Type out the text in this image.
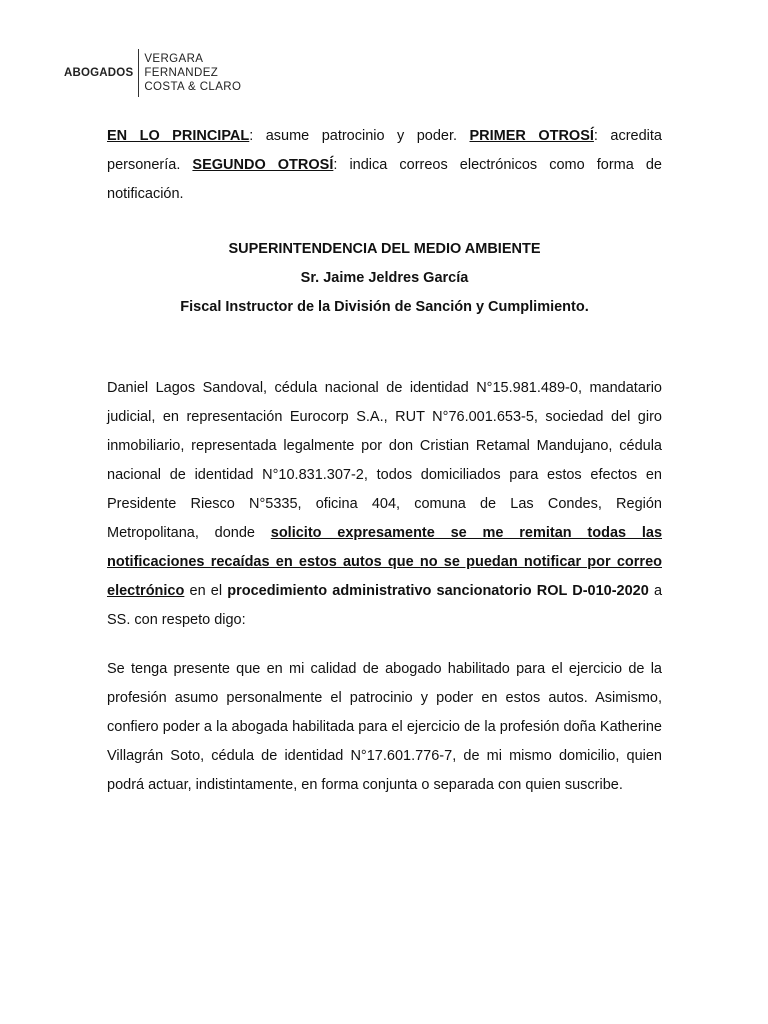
ABOGADOS
VERGARA
FERNANDEZ
COSTA & CLARO

EN LO PRINCIPAL: asume patrocinio y poder. PRIMER OTROSÍ: acredita personería. SEGUNDO OTROSÍ: indica correos electrónicos como forma de notificación.

SUPERINTENDENCIA DEL MEDIO AMBIENTE

Sr. Jaime Jeldres García

Fiscal Instructor de la División de Sanción y Cumplimiento.

Daniel Lagos Sandoval, cédula nacional de identidad N°15.981.489-0, mandatario judicial, en representación Eurocorp S.A., RUT N°76.001.653-5, sociedad del giro inmobiliario, representada legalmente por don Cristian Retamal Mandujano, cédula nacional de identidad N°10.831.307-2, todos domiciliados para estos efectos en Presidente Riesco N°5335, oficina 404, comuna de Las Condes, Región Metropolitana, donde solicito expresamente se me remitan todas las notificaciones recaídas en estos autos que no se puedan notificar por correo electrónico en el procedimiento administrativo sancionatorio ROL D-010-2020 a SS. con respeto digo:

Se tenga presente que en mi calidad de abogado habilitado para el ejercicio de la profesión asumo personalmente el patrocinio y poder en estos autos. Asimismo, confiero poder a la abogada habilitada para el ejercicio de la profesión doña Katherine Villagrán Soto, cédula de identidad N°17.601.776-7, de mi mismo domicilio, quien podrá actuar, indistintamente, en forma conjunta o separada con quien suscribe.
